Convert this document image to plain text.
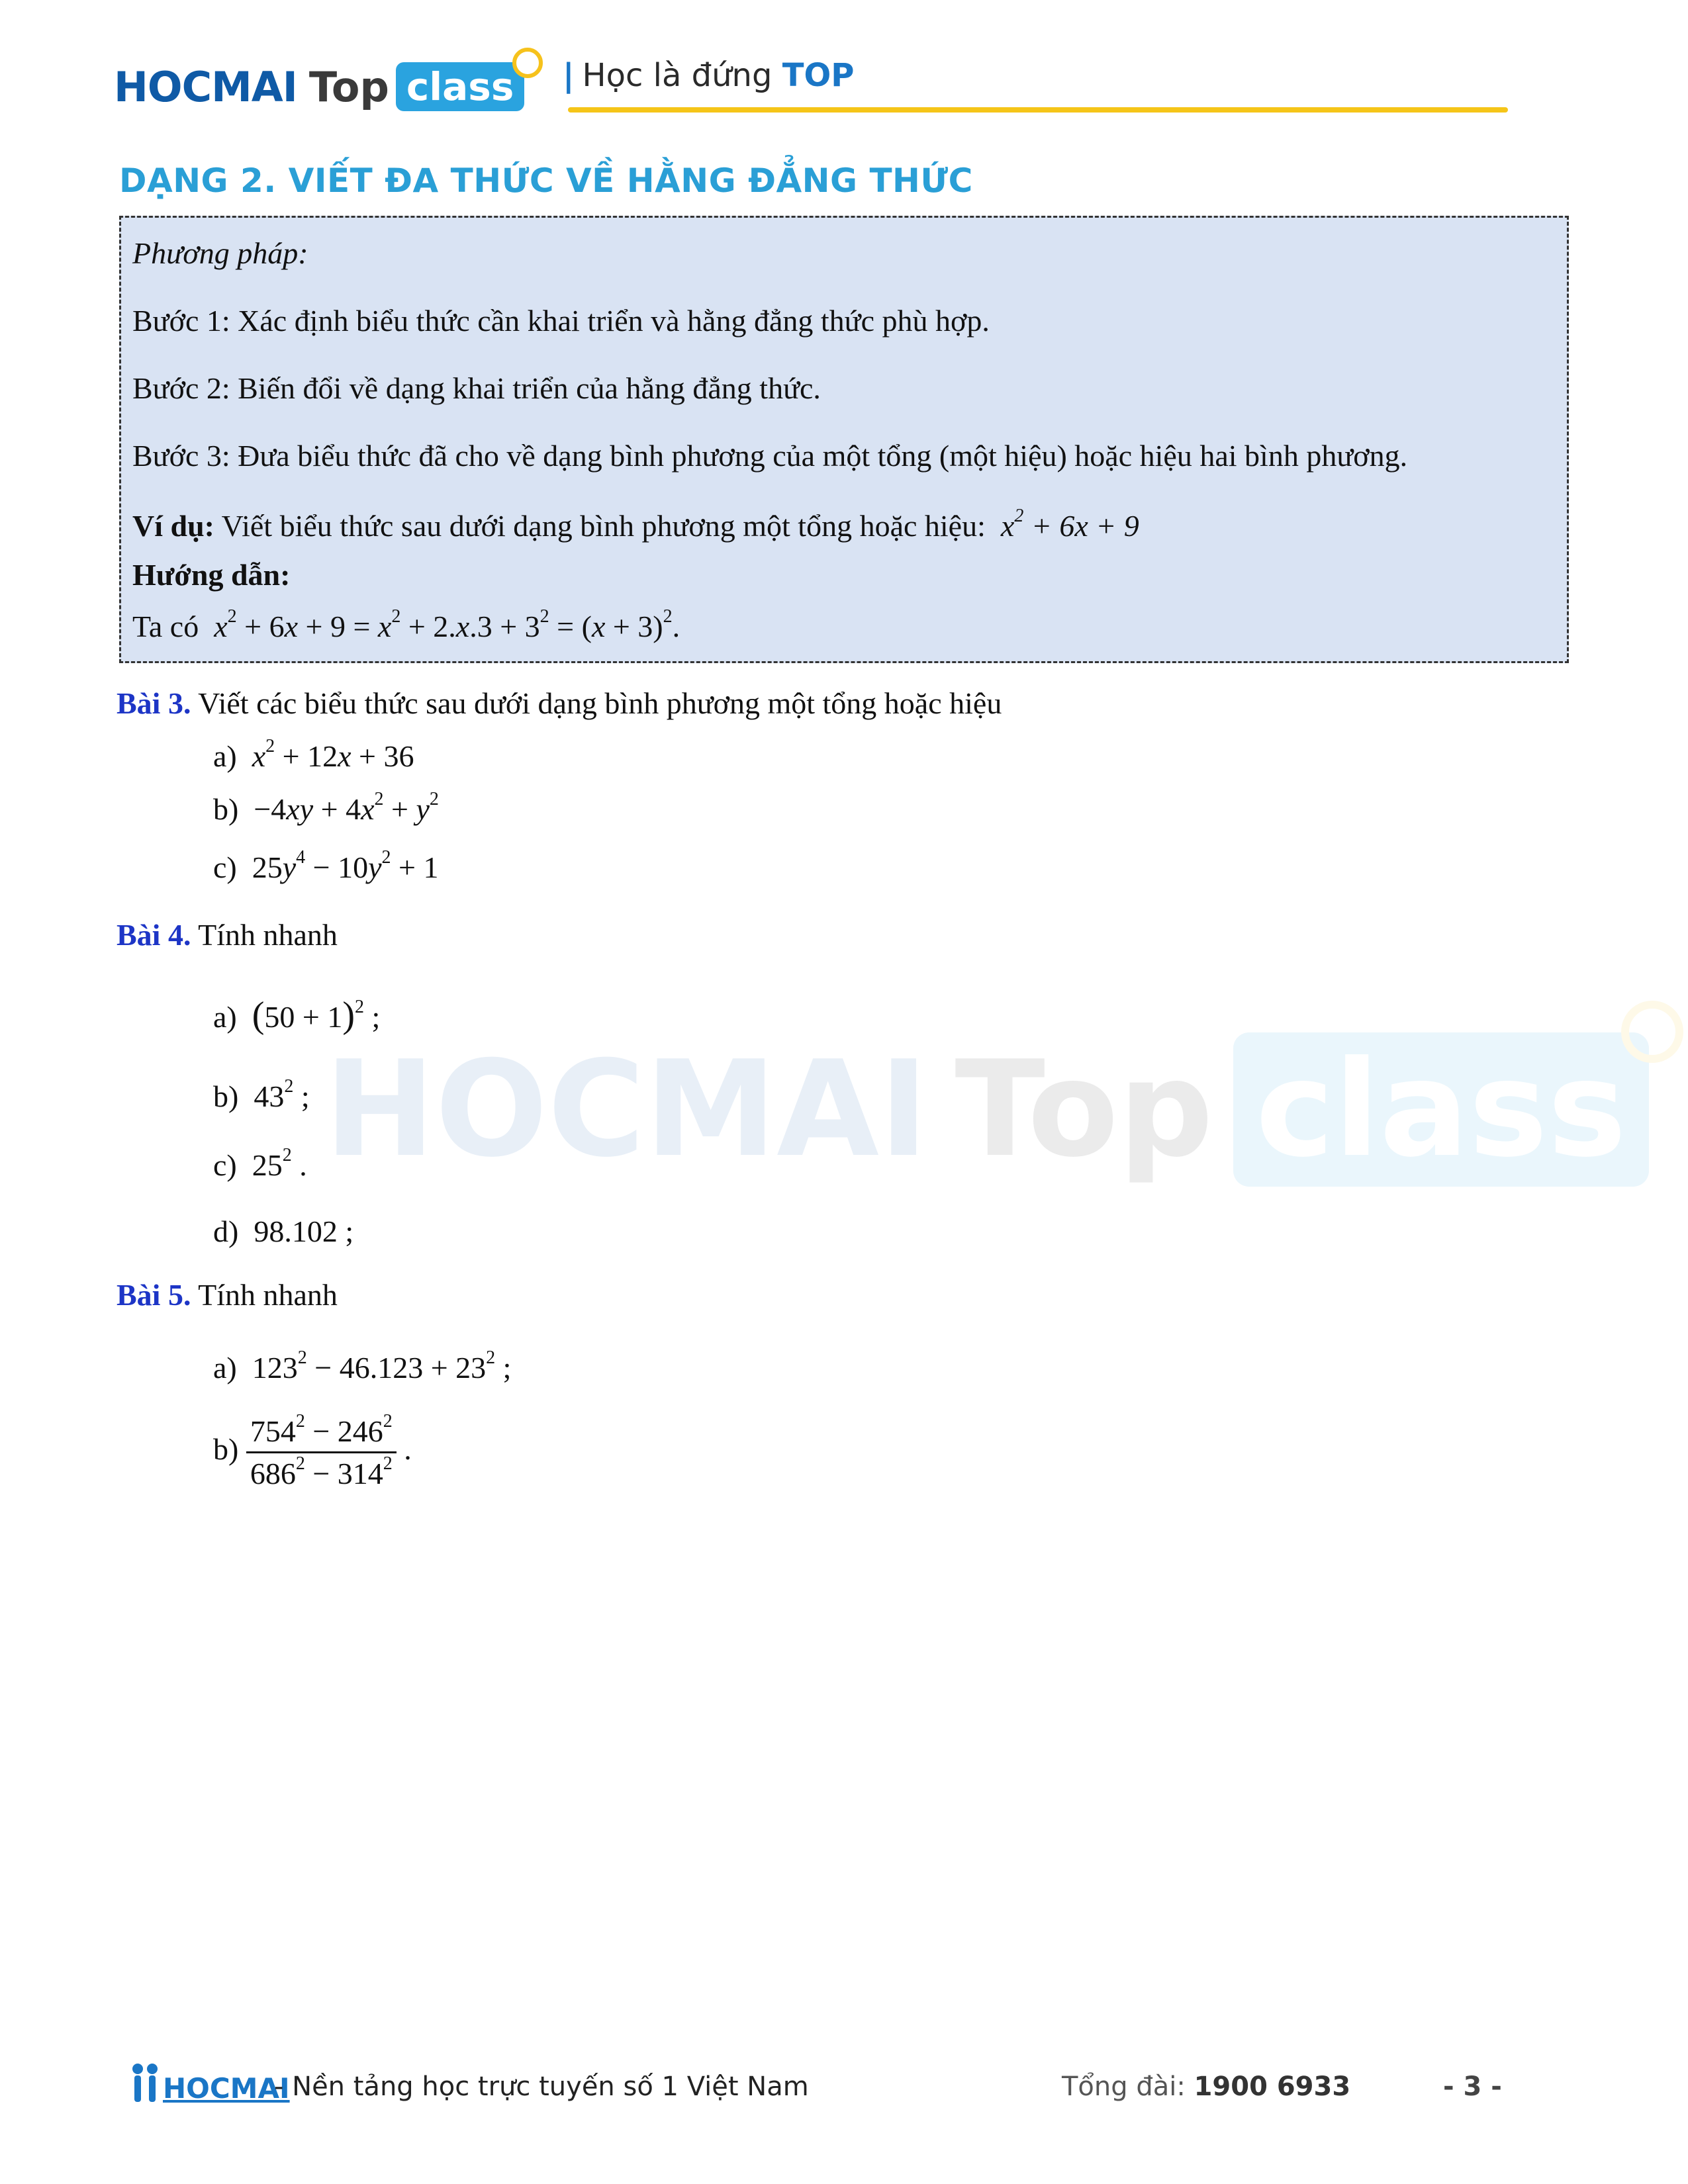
HOCMAI Top class	| Học là đứng TOP
DẠNG 2. VIẾT ĐA THỨC VỀ HẰNG ĐẲNG THỨC
Phương pháp:
Bước 1: Xác định biểu thức cần khai triển và hằng đẳng thức phù hợp.
Bước 2: Biến đổi về dạng khai triển của hằng đẳng thức.
Bước 3: Đưa biểu thức đã cho về dạng bình phương của một tổng (một hiệu) hoặc hiệu hai bình phương.
Ví dụ: Viết biểu thức sau dưới dạng bình phương một tổng hoặc hiệu:  $x^2 + 6x + 9$
Hướng dẫn:
Ta có $x^2 + 6x + 9 = x^2 + 2.x.3 + 3^2 = (x + 3)^2$.
Bài 3. Viết các biểu thức sau dưới dạng bình phương một tổng hoặc hiệu
a) $x^2 + 12x + 36$
$b) -4xy + 4x^2 + y^2$
c)  $25y^4 - 10y^2 + 1$
Bài 4. Tính nhanh
a) $(50 + 1)^2$ ;
b)  $43^2$ ;
c)  $25^2$ .
d)  98.102 ;
HOCMAI Top class
Bài 5. Tính nhanh
a)  $123^2 - 46.123 + 23^2$ ;
$b) \frac{754^2 - 246^2}{686^2 - 314^2}$ .
HOCMAI
- Nền tảng học trực tuyến số 1 Việt Nam	Tổng đài: 1900 6933	- 3 -
